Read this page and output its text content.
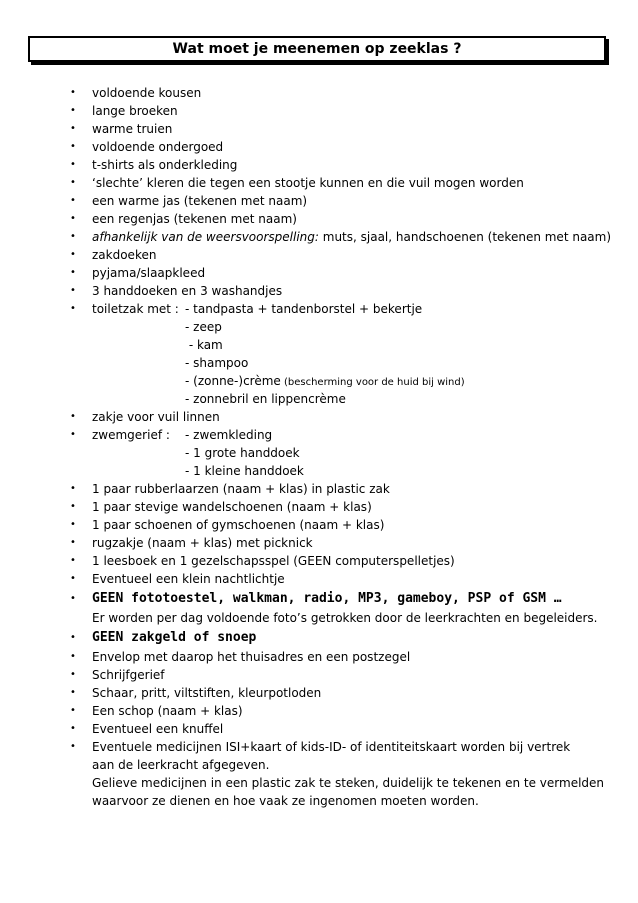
Wat moet je meenemen op zeeklas ?
• voldoende kousen
• lange broeken
• warme truien
• voldoende ondergoed
• t-shirts als onderkleding
• ‘slechte’ kleren die tegen een stootje kunnen en die vuil mogen worden
• een warme jas (tekenen met naam)
• een regenjas (tekenen met naam)
• afhankelijk van de weersvoorspelling: muts, sjaal, handschoenen (tekenen met naam)
• zakdoeken
• pyjama/slaapkleed
• 3 handdoeken en 3 washandjes
• toiletzak met : - tandpasta + tandenborstel + bekertje
- zeep
- kam
- shampoo
- (zonne-)crème (bescherming voor de huid bij wind)
- zonnebril en lippencrème
• zakje voor vuil linnen
• zwemgerief : - zwemkleding
- 1 grote handdoek
- 1 kleine handdoek
• 1 paar rubberlaarzen (naam + klas) in plastic zak
• 1 paar stevige wandelschoenen (naam + klas)
• 1 paar schoenen of gymschoenen (naam + klas)
• rugzakje (naam + klas) met picknick
• 1 leesboek en 1 gezelschapsspel (GEEN computerspelletjes)
• Eventueel een klein nachtlichtje
• GEEN fototoestel, walkman, radio, MP3, gameboy, PSP of GSM …
Er worden per dag voldoende foto’s getrokken door de leerkrachten en begeleiders.
• GEEN zakgeld of snoep
• Envelop met daarop het thuisadres en een postzegel
• Schrijfgerief
• Schaar, pritt, viltstiften, kleurpotloden
• Een schop (naam + klas)
• Eventueel een knuffel
• Eventuele medicijnen ISI+kaart of kids-ID- of identiteitskaart worden bij vertrek
aan de leerkracht afgegeven.
Gelieve medicijnen in een plastic zak te steken, duidelijk te tekenen en te vermelden
waarvoor ze dienen en hoe vaak ze ingenomen moeten worden.
